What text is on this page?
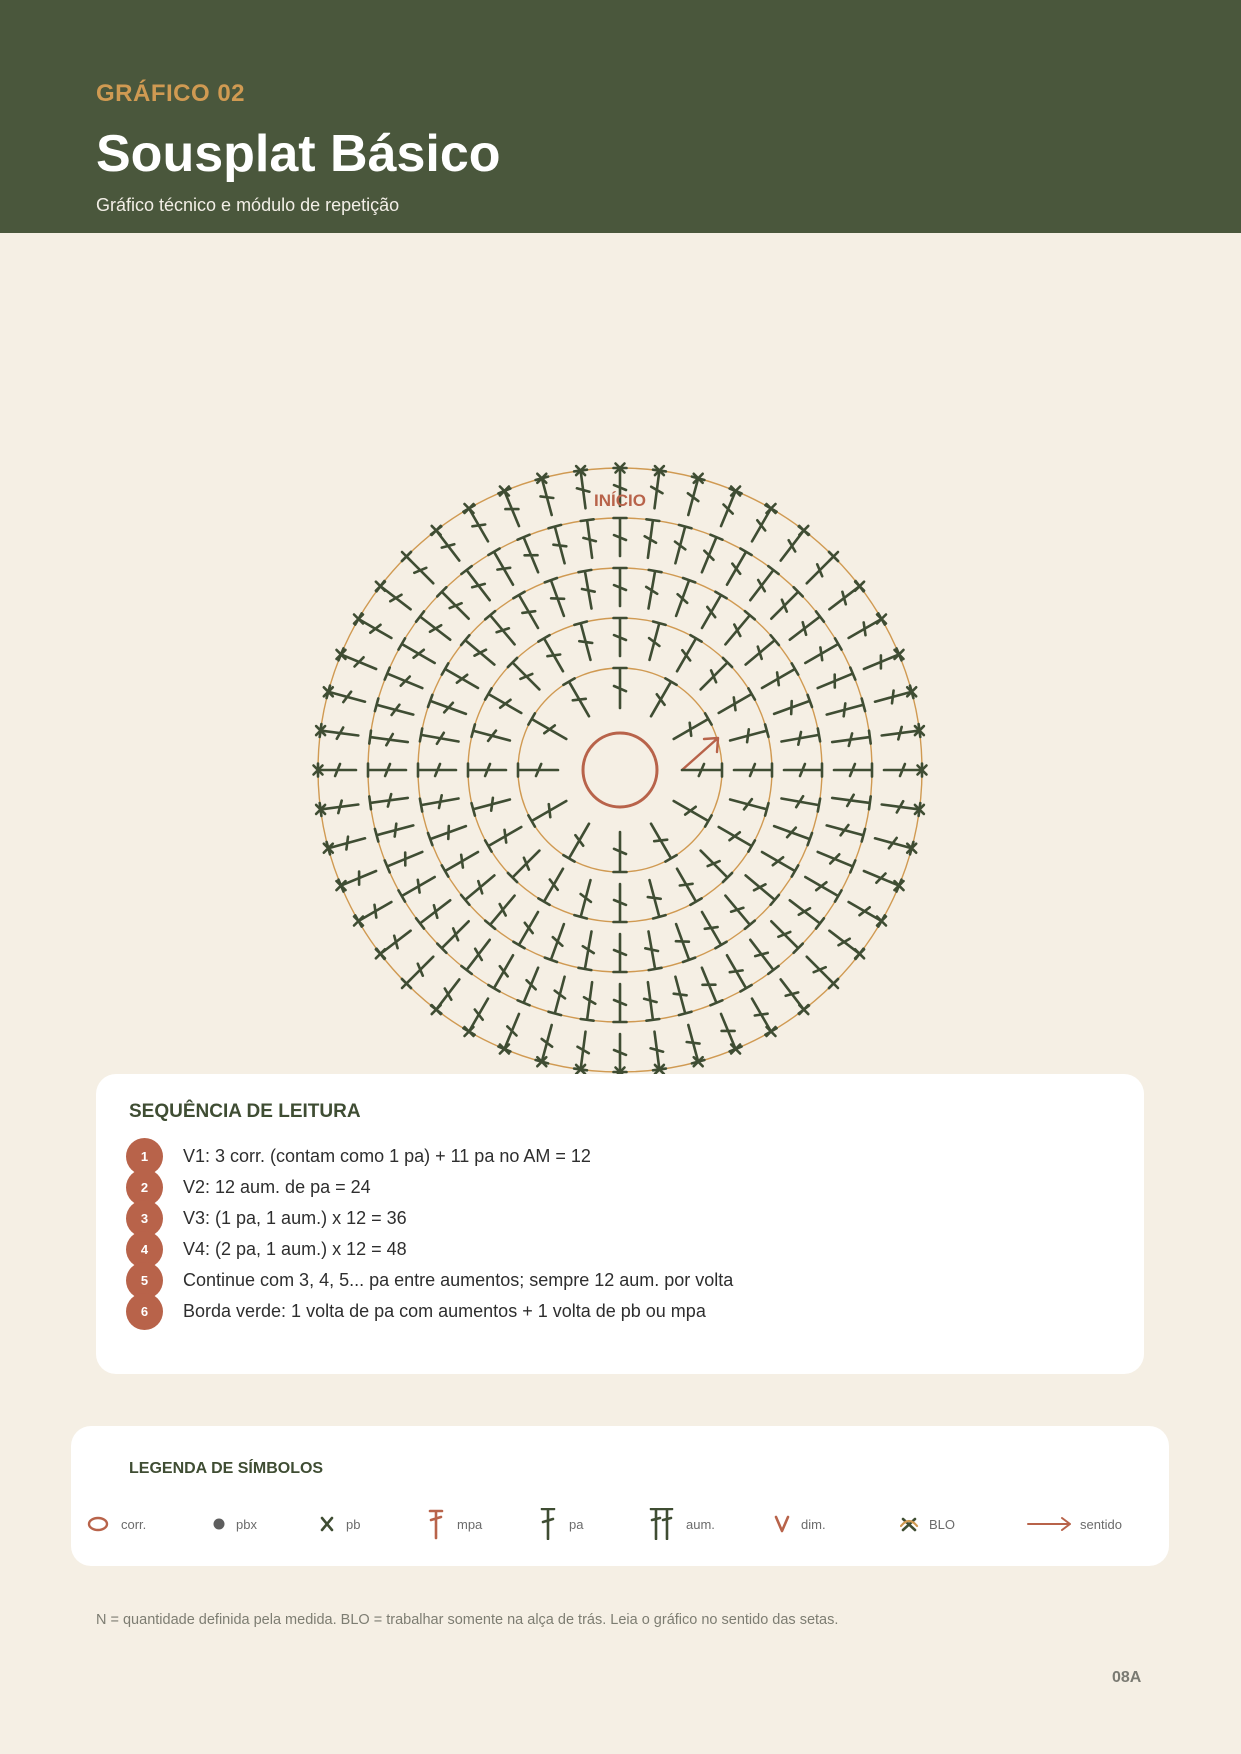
GRÁFICO 02
Sousplat Básico
Gráfico técnico e módulo de repetição
INÍCIO
SEQUÊNCIA DE LEITURA
1	V1: 3 corr. (contam como 1 pa) + 11 pa no AM = 12
2	V2: 12 aum. de pa = 24
3	V3: (1 pa, 1 aum.) x 12 = 36
4	V4: (2 pa, 1 aum.) x 12 = 48
5	Continue com 3, 4, 5... pa entre aumentos; sempre 12 aum. por volta
6	Borda verde: 1 volta de pa com aumentos + 1 volta de pb ou mpa
LEGENDA DE SÍMBOLOS
corr.	pbx	pb	mpa	pa	aum.	dim.	BLO	sentido
N = quantidade definida pela medida. BLO = trabalhar somente na alça de trás. Leia o gráfico no sentido das setas.
08A
